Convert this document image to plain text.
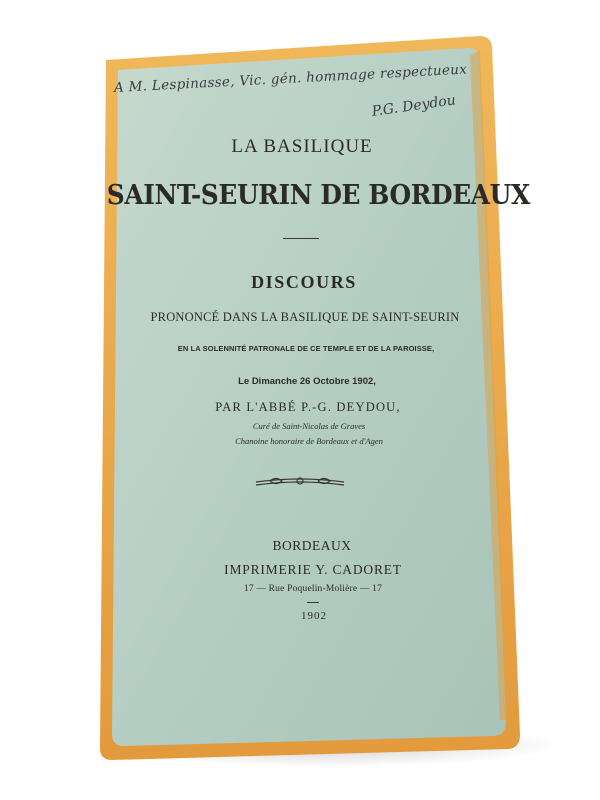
A M. Lespinasse, Vic. gén. hommage respectueux
P.G. Deydou
LA BASILIQUE
SAINT-SEURIN DE BORDEAUX
DISCOURS
PRONONCÉ DANS LA BASILIQUE DE SAINT-SEURIN
EN LA SOLENNITÉ PATRONALE DE CE TEMPLE ET DE LA PAROISSE,
Le Dimanche 26 Octobre 1902,
PAR L'ABBÉ P.-G. DEYDOU,
Curé de Saint-Nicolas de Graves
Chanoine honoraire de Bordeaux et d'Agen
BORDEAUX
IMPRIMERIE Y. CADORET
17 — Rue Poquelin-Molière — 17
1902
